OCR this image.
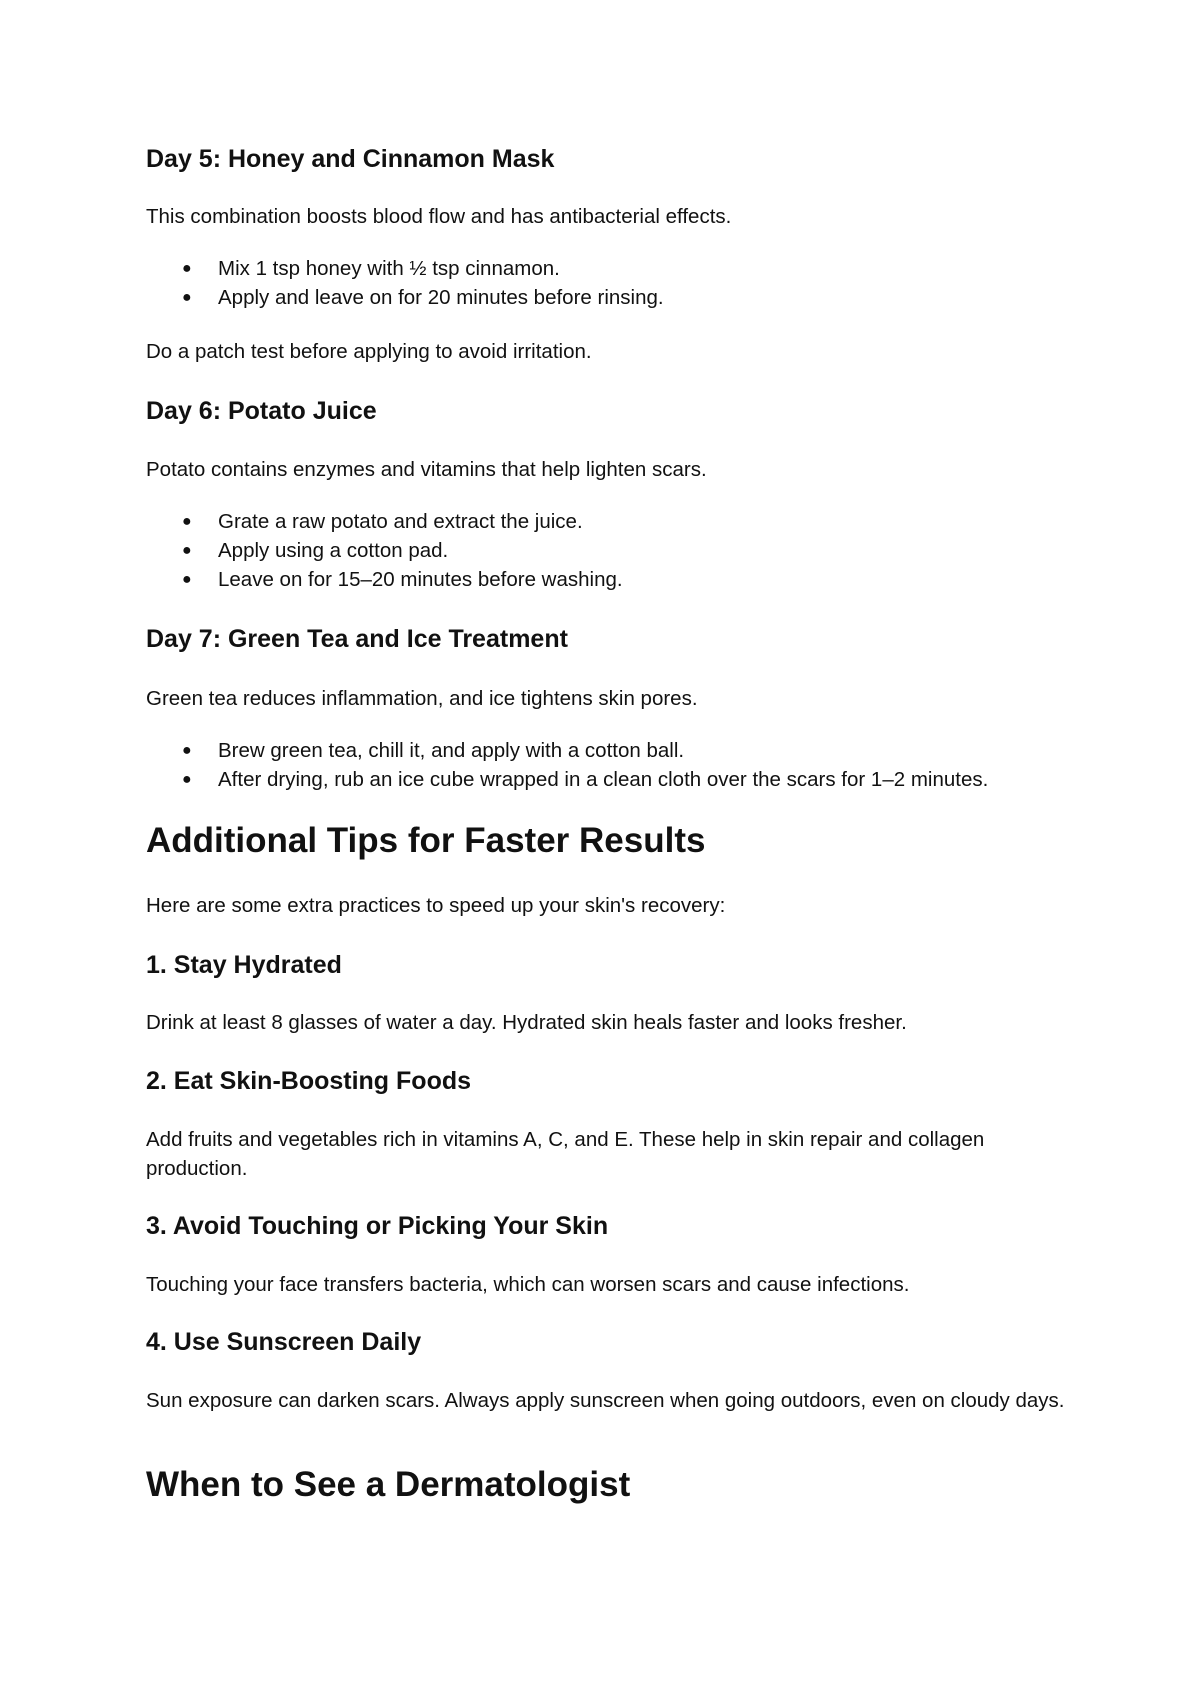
Day 5: Honey and Cinnamon Mask

This combination boosts blood flow and has antibacterial effects.

● Mix 1 tsp honey with ½ tsp cinnamon.
● Apply and leave on for 20 minutes before rinsing.

Do a patch test before applying to avoid irritation.

Day 6: Potato Juice

Potato contains enzymes and vitamins that help lighten scars.

● Grate a raw potato and extract the juice.
● Apply using a cotton pad.
● Leave on for 15–20 minutes before washing.
Day 7: Green Tea and Ice Treatment

Green tea reduces inflammation, and ice tightens skin pores.

● Brew green tea, chill it, and apply with a cotton ball.
● After drying, rub an ice cube wrapped in a clean cloth over the scars for 1–2 minutes.
Additional Tips for Faster Results

Here are some extra practices to speed up your skin's recovery:

1. Stay Hydrated

Drink at least 8 glasses of water a day. Hydrated skin heals faster and looks fresher.

2. Eat Skin-Boosting Foods

Add fruits and vegetables rich in vitamins A, C, and E. These help in skin repair and collagen production.

3. Avoid Touching or Picking Your Skin

Touching your face transfers bacteria, which can worsen scars and cause infections.

4. Use Sunscreen Daily

Sun exposure can darken scars. Always apply sunscreen when going outdoors, even on cloudy days.

When to See a Dermatologist
